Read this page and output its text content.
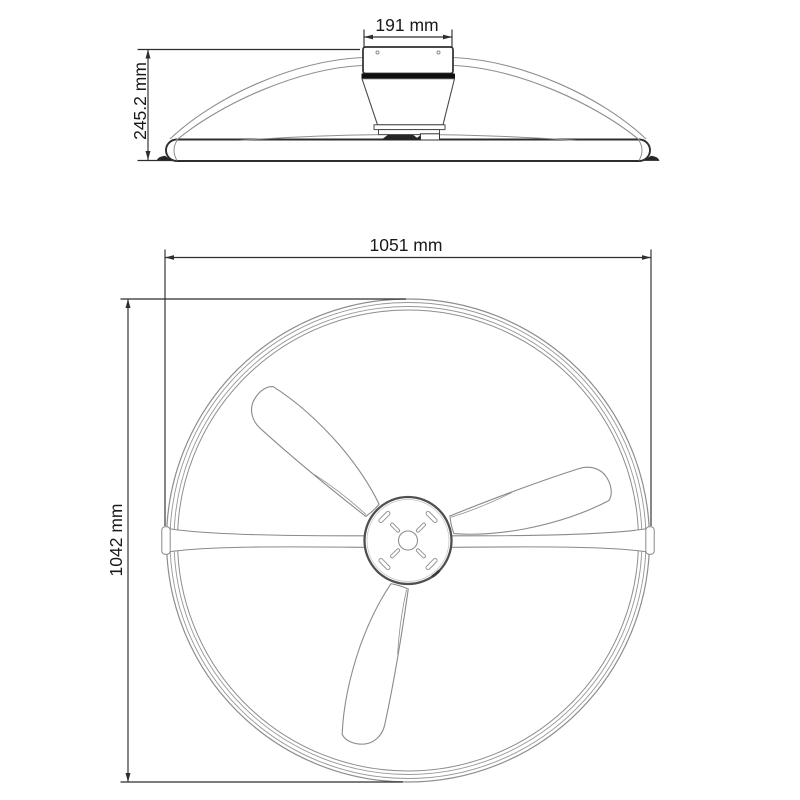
191 mm
245.2 mm
1051 mm
1042 mm
